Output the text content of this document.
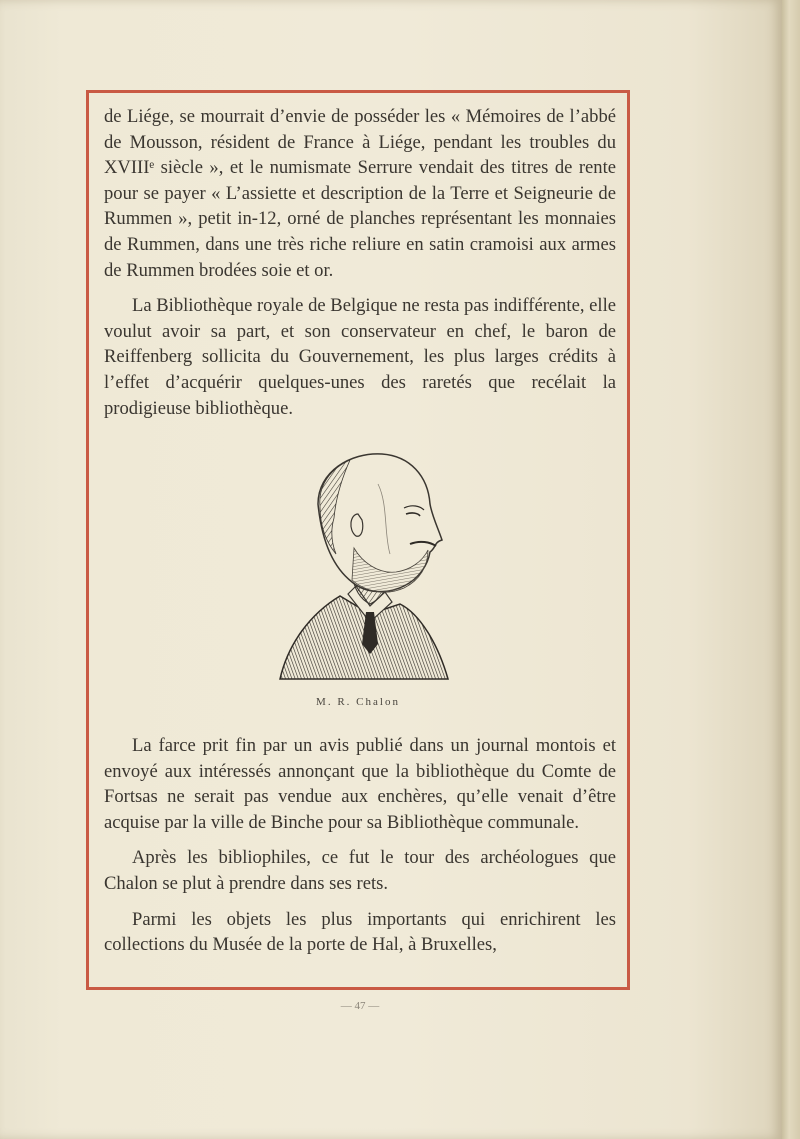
de Liége, se mourrait d’envie de posséder les « Mémoires de l’abbé de Mousson, résident de France à Liége, pendant les troubles du XVIIIᵉ siècle », et le numismate Serrure vendait des titres de rente pour se payer « L’assiette et description de la Terre et Seigneurie de Rummen », petit in-12, orné de planches représentant les monnaies de Rummen, dans une très riche reliure en satin cramoisi aux armes de Rummen brodées soie et or.

La Bibliothèque royale de Belgique ne resta pas indifférente, elle voulut avoir sa part, et son conservateur en chef, le baron de Reiffenberg sollicita du Gouvernement, les plus larges crédits à l’effet d’acquérir quelques-unes des raretés que recélait la prodigieuse bibliothèque.

M. R. Chalon

La farce prit fin par un avis publié dans un journal montois et envoyé aux intéressés annonçant que la bibliothèque du Comte de Fortsas ne serait pas vendue aux enchères, qu’elle venait d’être acquise par la ville de Binche pour sa Bibliothèque communale.

Après les bibliophiles, ce fut le tour des archéologues que Chalon se plut à prendre dans ses rets.

Parmi les objets les plus importants qui enrichirent les collections du Musée de la porte de Hal, à Bruxelles,

— 47 —
